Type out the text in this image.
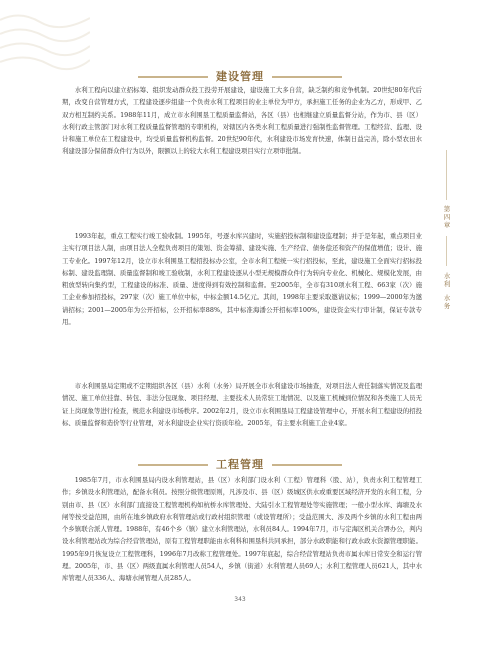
建设管理

水利工程向以建立招标筹、组织发动群众投工投劳开展建设，建设施工大多自营，缺乏制约和竞争机制。20世纪80年代后期，改变自营管理方式，工程建设逐步组建一个负责水利工程项目的业主单位为甲方，承担施工任务的企业为乙方，形成甲、乙双方相互制约关系。1988年11月，成立市水利围垦工程质量监督站，各区（县）也相继建立质量监督分站，作为市、县（区）水利行政主管部门对水利工程质量监督管理的专职机构，对辖区内各类水利工程质量进行强制性监督管理。工程经营、监理、设计和施工单位在工程建设中，均受质量监督机构监督。20世纪90年代，水利建设市场发育快速，体制日益完善，除小型农田水利建设部分保留群众件行为以外，限额以上的较大水利工程建设项目实行立项审批制。

1993年起，重点工程实行竣工验收制。1995年，号逐水库兴建时，实施招投标制和建设监理制；并于是年起，重点项目业主实行项目法人制，由项目法人全程负责项目的策划、资金筹措、建设实施、生产经营、债务偿还和资产的保值增值；设计、施工专业化。1997年12月，设立市水利围垦工程招投标办公室，全市水利工程统一实行招投标，至此，建设施工全面实行招标投标制、建设监理制、质量监督制和竣工验收制，水利工程建设逐从小型无规模群众件行为转向专业化、机械化、规模化发展，由粗放型转向集约型，工程建设的标准、质量、进度得到有效控制和监督。至2005年，全市有310项水利工程、663家（次）施工企业参加招投标，297家（次）施工单位中标，中标金额14.5亿元。其间，1998年主要采取邀请议标；1999—2000年为邀请招标；2001—2005年为公开招标，公开招标率88%，其中标准海潘公开招标率100%，建设资金实行审计制，保证专款专用。

市水利围垦局定期或不定期组织各区（县）水利（水务）局开展全市水利建设市场抽查，对项目法人责任制落实情况及监理情况、施工单位挂靠、转包、非法分包现象、项目经理、主要技术人员常驻工地情况、以及施工机械到位情况和各类施工人员无证上岗现象等进行检查，规范水利建设市场秩序。2002年2月，设立市水利围垦局工程建设管理中心，开展水利工程建设的招投标、质量监督和造价等行业管理，对水利建设企业实行资质年检。2005年，有主要水利施工企业4家。

工程管理

1985年7月，市水利围垦局内设水利管理站，县（区）水利部门设水利（工程）管理科（股、站），负责水利工程管理工作；乡镇设水利管理站，配备水利员。按照分级管理原则，凡涉及市、县（区）级城区供水或重要区域经济开发的水利工程，分别由市、县（区）水利部门直接设工程管理机构如杭桥水库管理处、大陆引水工程管理处等实施管理；一般小型水库、海塘及水闸等按受益范围，由所在地乡镇政府水利管理站或行政村组织管理（或设管理所）；受益范围大、涉及两个乡镇的水利工程由两个乡镇联合派人管理。1988年，有46个乡（镇）建立水利管理站，水利员84人。1994年7月，市与定海区机关合署办公，判内设水利管理站改为综合经营管理站，原有工程管理职能由水利科和围垦科共同承担，部分水政职能和行政水政水资源管理职能。1995年9月恢复设立工程管理科，1996年7月改称工程管理处。1997年底起，综合经营管理站负责市属水库日常安全和运行管理。2005年，市、县（区）两级直属水利管理人员54人，乡镇（街道）水利管理人员69人；水利工程管理人员621人，其中水库管理人员336人、海塘水闸管理人员285人。

第四章
水利
水务
343
